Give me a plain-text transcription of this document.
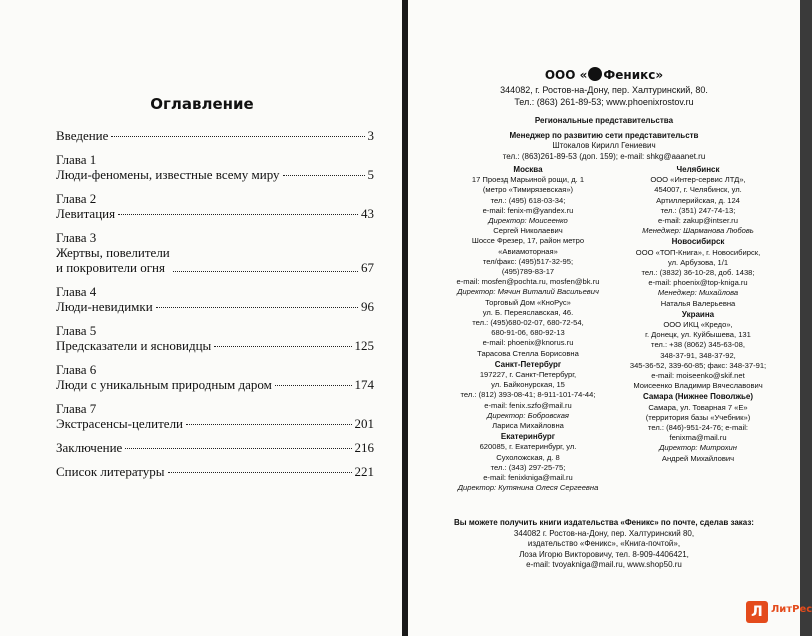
Оглавление
Введение	3
Глава 1
Люди-феномены, известные всему миру	5
Глава 2
Левитация	43
Глава 3
Жертвы, повелители
и покровители огня	67
Глава 4
Люди-невидимки	96
Глава 5
Предсказатели и ясновидцы	125
Глава 6
Люди с уникальным природным даром	174
Глава 7
Экстрасенсы-целители	201
Заключение	216
Список литературы	221
ООО « Феникс»
344082, г. Ростов-на-Дону, пер. Халтуринский, 80.
Тел.: (863) 261-89-53; www.phoenixrostov.ru
Региональные представительства
Менеджер по развитию сети представительств
Штокалов Кирилл Гениевич
тел.: (863)261-89-53 (доп. 159); e-mail: shkg@aaanet.ru
Москва
17 Проезд Марьиной рощи, д. 1
(метро «Тимирязевская»)
тел.: (495) 618-03-34;
e-mail: fenix-m@yandex.ru
Директор: Моисеенко
Сергей Николаевич
Шоссе Фрезер, 17, район метро
«Авиамоторная»
тел/факс: (495)517-32-95;
(495)789-83-17
e-mail: mosfen@pochta.ru, mosfen@bk.ru
Директор: Мячин Виталий Васильевич
Торговый Дом «КноРус»
ул. Б. Переяславская, 46.
тел.: (495)680-02-07, 680-72-54,
680-91-06, 680-92-13
e-mail: phoenix@knorus.ru
Тарасова Стелла Борисовна
Санкт-Петербург
197227, г. Санкт-Петербург,
ул. Байконурская, 15
тел.: (812) 393-08-41; 8-911-101-74-44;
e-mail: fenix.szfo@mail.ru
Директор: Бобровская
Лариса Михайловна
Екатеринбург
620085, г. Екатеринбург, ул.
Сухоложская, д. 8
тел.: (343) 297-25-75;
e-mail: fenixkniga@mail.ru
Директор: Кутянина Олеся Сергеевна
Челябинск
ООО «Интер-сервис ЛТД»,
454007, г. Челябинск, ул.
Артиллерийская, д. 124
тел.: (351) 247-74-13;
e-mail: zakup@intser.ru
Менеджер: Шарманова Любовь
Новосибирск
ООО «ТОП-Книга», г. Новосибирск,
ул. Арбузова, 1/1
тел.: (3832) 36-10-28, доб. 1438;
e-mail: phoenix@top-kniga.ru
Менеджер: Михайлова
Наталья Валерьевна
Украина
ООО ИКЦ «Кредо»,
г. Донецк, ул. Куйбышева, 131
тел.: +38 (8062) 345-63-08,
348-37-91, 348-37-92,
345-36-52, 339-60-85; факс: 348-37-91;
e-mail: moiseenko@skif.net
Моисеенко Владимир Вячеславович
Самара (Нижнее Поволжье)
Самара, ул. Товарная 7 «Е»
(территория базы «Учебник»)
тел.: (846)-951-24-76; e-mail:
fenixma@mail.ru
Директор: Митрохин
Андрей Михайлович
Вы можете получить книги издательства «Феникс» по почте, сделав заказ:
344082 г. Ростов-на-Дону, пер. Халтуринский 80,
издательство «Феникс», «Книга-почтой»,
Лоза Игорю Викторовичу, тел. 8-909-4406421,
e-mail: tvoyakniga@mail.ru, www.shop50.ru
Л ЛитРес
